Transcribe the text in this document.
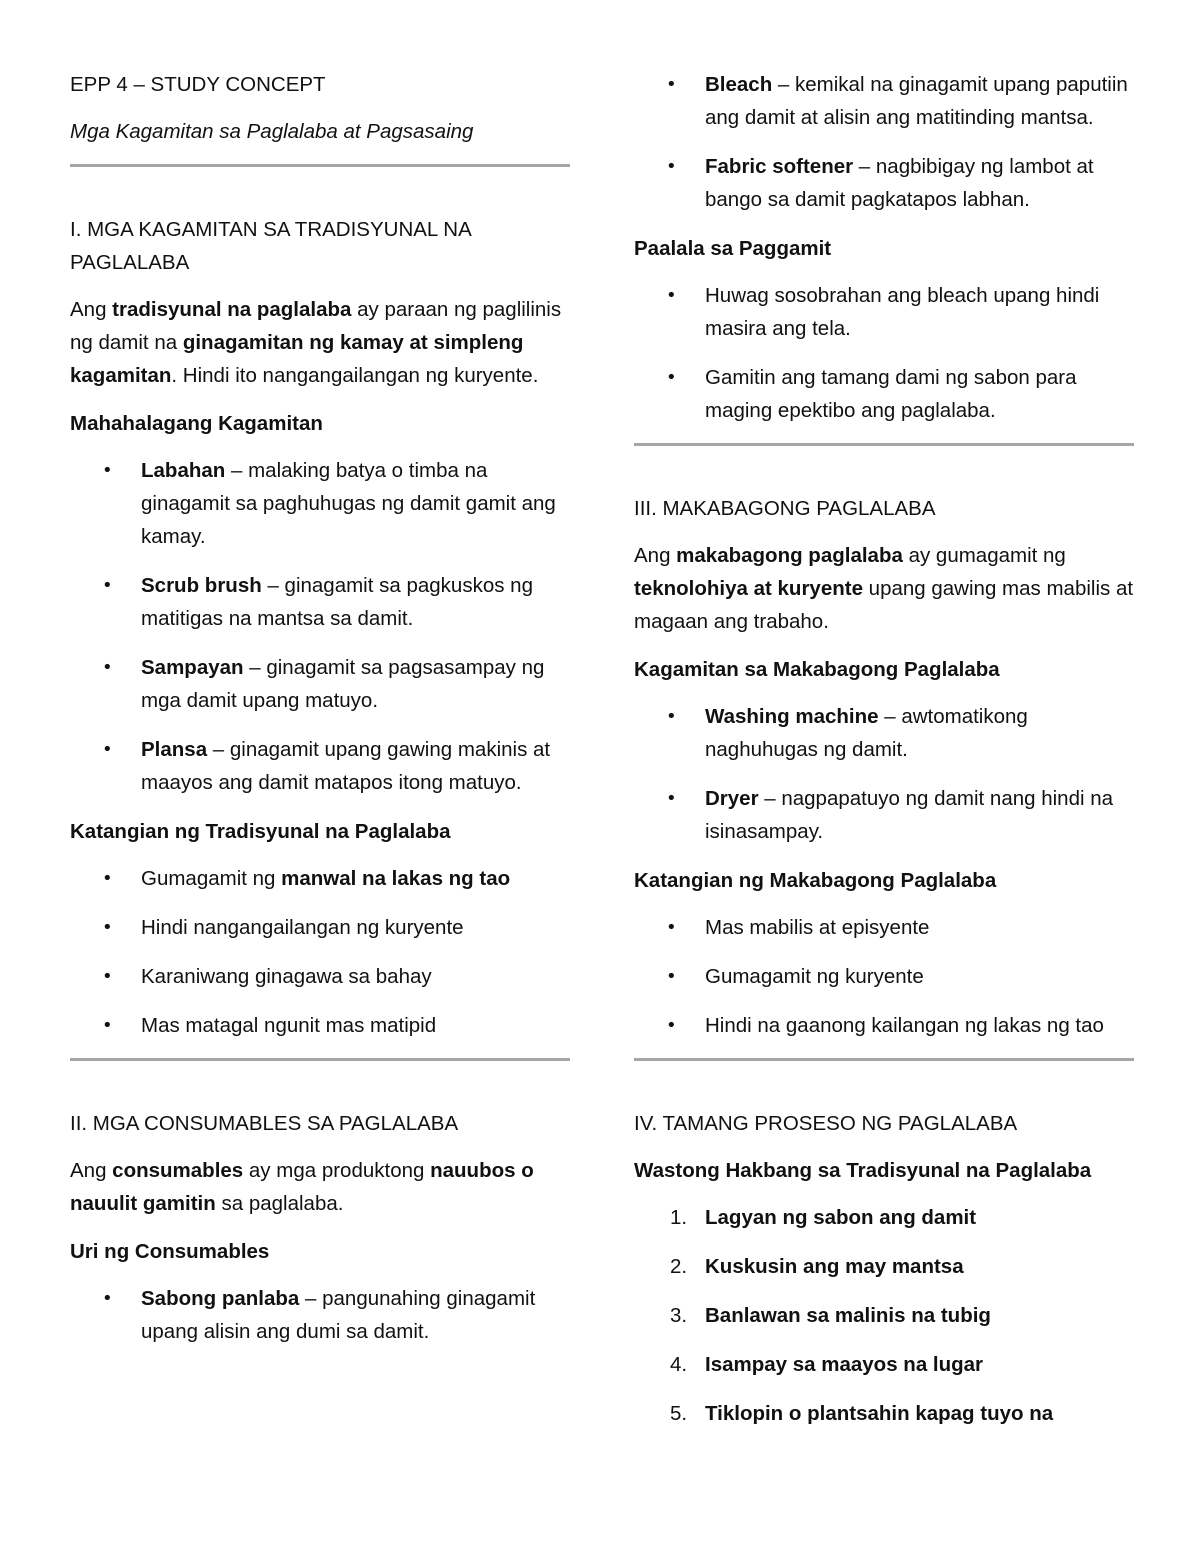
EPP 4 – STUDY CONCEPT

Mga Kagamitan sa Paglalaba at Pagsasaing

I. MGA KAGAMITAN SA TRADISYUNAL NA PAGLALABA

Ang tradisyunal na paglalaba ay paraan ng paglilinis ng damit na ginagamitan ng kamay at simpleng kagamitan. Hindi ito nangangailangan ng kuryente.

Mahahalagang Kagamitan

• Labahan – malaking batya o timba na ginagamit sa paghuhugas ng damit gamit ang kamay.
• Scrub brush – ginagamit sa pagkuskos ng matitigas na mantsa sa damit.
• Sampayan – ginagamit sa pagsasampay ng mga damit upang matuyo.
• Plansa – ginagamit upang gawing makinis at maayos ang damit matapos itong matuyo.

Katangian ng Tradisyunal na Paglalaba

• Gumagamit ng manwal na lakas ng tao
• Hindi nangangailangan ng kuryente
• Karaniwang ginagawa sa bahay
• Mas matagal ngunit mas matipid

II. MGA CONSUMABLES SA PAGLALABA

Ang consumables ay mga produktong nauubos o nauulit gamitin sa paglalaba.

Uri ng Consumables

• Sabong panlaba – pangunahing ginagamit upang alisin ang dumi sa damit.
• Bleach – kemikal na ginagamit upang paputiin ang damit at alisin ang matitinding mantsa.
• Fabric softener – nagbibigay ng lambot at bango sa damit pagkatapos labhan.

Paalala sa Paggamit

• Huwag sosobrahan ang bleach upang hindi masira ang tela.
• Gamitin ang tamang dami ng sabon para maging epektibo ang paglalaba.

III. MAKABAGONG PAGLALABA

Ang makabagong paglalaba ay gumagamit ng teknolohiya at kuryente upang gawing mas mabilis at magaan ang trabaho.

Kagamitan sa Makabagong Paglalaba

• Washing machine – awtomatikong naghuhugas ng damit.
• Dryer – nagpapatuyo ng damit nang hindi na isinasampay.

Katangian ng Makabagong Paglalaba

• Mas mabilis at episyente
• Gumagamit ng kuryente
• Hindi na gaanong kailangan ng lakas ng tao

IV. TAMANG PROSESO NG PAGLALABA

Wastong Hakbang sa Tradisyunal na Paglalaba

1. Lagyan ng sabon ang damit
2. Kuskusin ang may mantsa
3. Banlawan sa malinis na tubig
4. Isampay sa maayos na lugar
5. Tiklopin o plantsahin kapag tuyo na
